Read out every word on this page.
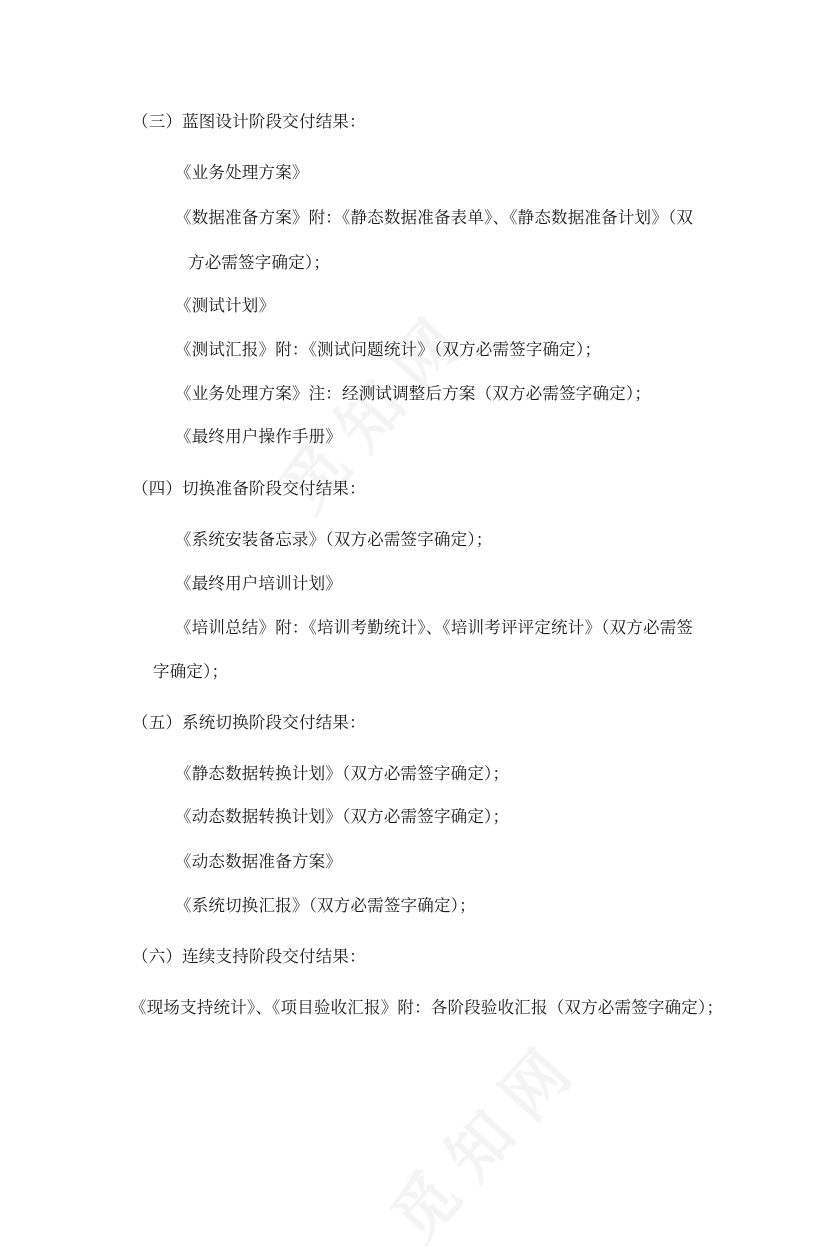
（三）蓝图设计阶段交付结果：
《业务处理方案》
《数据准备方案》附：《静态数据准备表单》、《静态数据准备计划》（双
方必需签字确定）；
《测试计划》
《测试汇报》附：《测试问题统计》（双方必需签字确定）；
《业务处理方案》注：经测试调整后方案（双方必需签字确定）；
《最终用户操作手册》
（四）切换准备阶段交付结果：
《系统安装备忘录》（双方必需签字确定）；
《最终用户培训计划》
《培训总结》附：《培训考勤统计》、《培训考评评定统计》（双方必需签
字确定）；
（五）系统切换阶段交付结果：
《静态数据转换计划》（双方必需签字确定）；
《动态数据转换计划》（双方必需签字确定）；
《动态数据准备方案》
《系统切换汇报》（双方必需签字确定）；
（六）连续支持阶段交付结果：
《现场支持统计》、《项目验收汇报》附：各阶段验收汇报（双方必需签字确定）；
